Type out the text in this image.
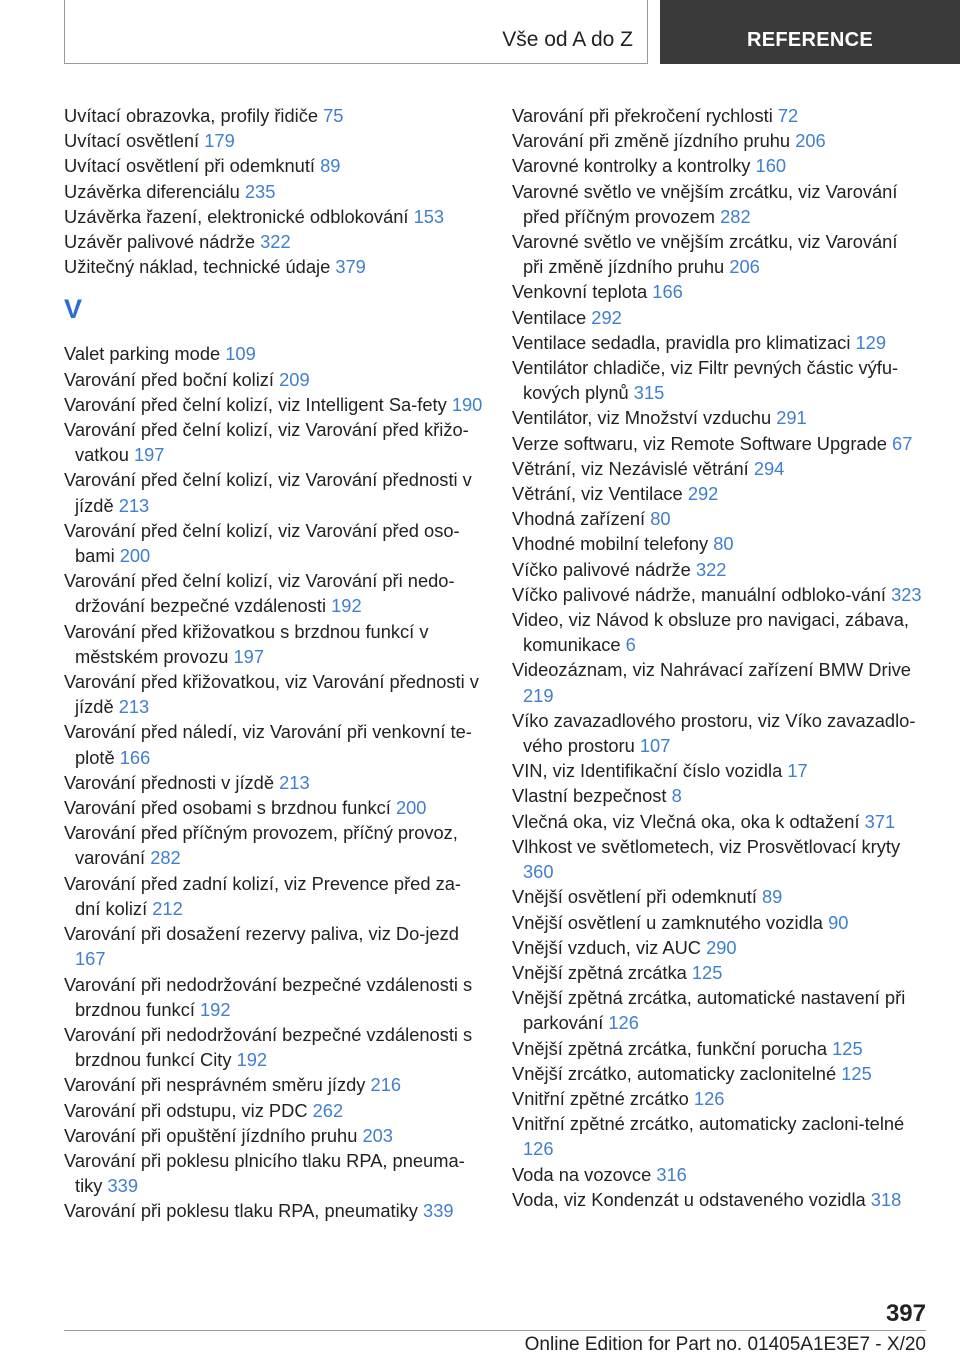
Vše od A do Z	REFERENCE
Uvítací obrazovka, profily řidiče 75
Uvítací osvětlení 179
Uvítací osvětlení při odemknutí 89
Uzávěrka diferenciálu 235
Uzávěrka řazení, elektronické odblokování 153
Uzávěr palivové nádrže 322
Užitečný náklad, technické údaje 379
V
Valet parking mode 109
Varování před boční kolizí 209
Varování před čelní kolizí, viz Intelligent Sa-fety 190
Varování před čelní kolizí, viz Varování před křižo-vatkou 197
Varování před čelní kolizí, viz Varování přednosti v jízdě 213
Varování před čelní kolizí, viz Varování před oso-bami 200
Varování před čelní kolizí, viz Varování při nedo-držování bezpečné vzdálenosti 192
Varování před křižovatkou s brzdnou funkcí v městském provozu 197
Varování před křižovatkou, viz Varování přednosti v jízdě 213
Varování před náledí, viz Varování při venkovní te-plotě 166
Varování přednosti v jízdě 213
Varování před osobami s brzdnou funkcí 200
Varování před příčným provozem, příčný provoz, varování 282
Varování před zadní kolizí, viz Prevence před za-dní kolizí 212
Varování při dosažení rezervy paliva, viz Do-jezd 167
Varování při nedodržování bezpečné vzdálenosti s brzdnou funkcí 192
Varování při nedodržování bezpečné vzdálenosti s brzdnou funkcí City 192
Varování při nesprávném směru jízdy 216
Varování při odstupu, viz PDC 262
Varování při opuštění jízdního pruhu 203
Varování při poklesu plnicího tlaku RPA, pneuma-tiky 339
Varování při poklesu tlaku RPA, pneumatiky 339
Varování při překročení rychlosti 72
Varování při změně jízdního pruhu 206
Varovné kontrolky a kontrolky 160
Varovné světlo ve vnějším zrcátku, viz Varování před příčným provozem 282
Varovné světlo ve vnějším zrcátku, viz Varování při změně jízdního pruhu 206
Venkovní teplota 166
Ventilace 292
Ventilace sedadla, pravidla pro klimatizaci 129
Ventilátor chladiče, viz Filtr pevných částic výfu-kových plynů 315
Ventilátor, viz Množství vzduchu 291
Verze softwaru, viz Remote Software Upgrade 67
Větrání, viz Nezávislé větrání 294
Větrání, viz Ventilace 292
Vhodná zařízení 80
Vhodné mobilní telefony 80
Víčko palivové nádrže 322
Víčko palivové nádrže, manuální odbloko-vání 323
Video, viz Návod k obsluze pro navigaci, zábava, komunikace 6
Videozáznam, viz Nahrávací zařízení BMW Drive 219
Víko zavazadlového prostoru, viz Víko zavazadlo-vého prostoru 107
VIN, viz Identifikační číslo vozidla 17
Vlastní bezpečnost 8
Vlečná oka, viz Vlečná oka, oka k odtažení 371
Vlhkost ve světlometech, viz Prosvětlovací kryty 360
Vnější osvětlení při odemknutí 89
Vnější osvětlení u zamknutého vozidla 90
Vnější vzduch, viz AUC 290
Vnější zpětná zrcátka 125
Vnější zpětná zrcátka, automatické nastavení při parkování 126
Vnější zpětná zrcátka, funkční porucha 125
Vnější zrcátko, automaticky zaclonitelné 125
Vnitřní zpětné zrcátko 126
Vnitřní zpětné zrcátko, automaticky zacloni-telné 126
Voda na vozovce 316
Voda, viz Kondenzát u odstaveného vozidla 318
397
Online Edition for Part no. 01405A1E3E7 - X/20
